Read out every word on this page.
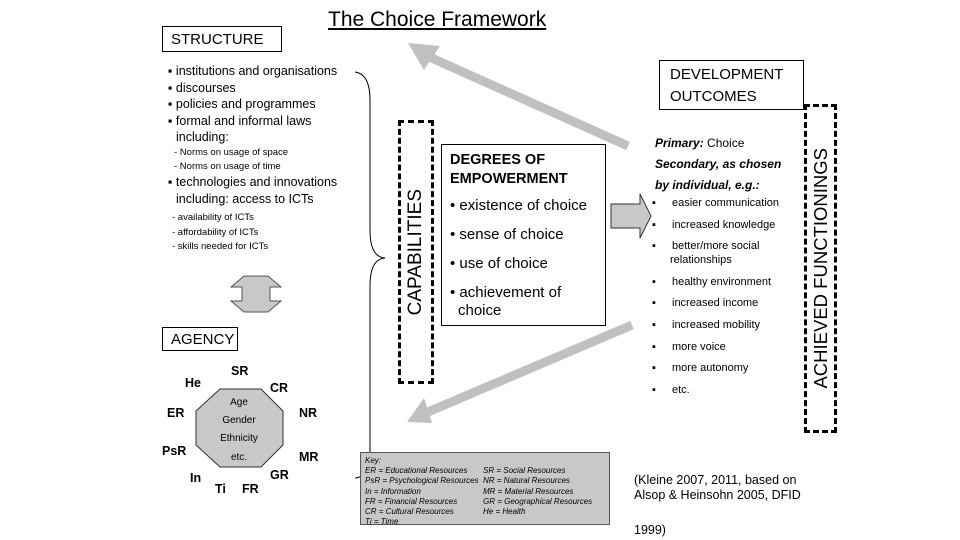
The Choice Framework
STRUCTURE
▪ institutions and organisations
▪ discourses
▪ policies and programmes
▪ formal and informal laws
including:
- Norms on usage of space
- Norms on usage of time
▪ technologies and innovations
including: access to ICTs
- availability of ICTs
- affordability of ICTs
- skills needed for ICTs
AGENCY
SR
CR
NR
MR
GR
FR
Ti
In
PsR
ER
He
Age
Gender
Ethnicity
etc.
CAPABILITIES
DEGREES OF
EMPOWERMENT
• existence of choice
• sense of choice
• use of choice
• achievement of
choice
DEVELOPMENT
OUTCOMES
Primary: Choice
Secondary, as chosen
by individual, e.g.:
▪	easier communication
▪	increased knowledge
▪	better/more social
relationships
▪	healthy environment
▪	increased income
▪	increased mobility
▪	more voice
▪	more autonomy
▪	etc.
ACHIEVED FUNCTIONINGS
Key:
ER = Educational Resources	SR = Social Resources
PsR = Psychological Resources NR = Natural Resources
In = Information	MR = Material Resources
FR = Financial Resources	GR = Geographical Resources
CR = Cultural Resources	He = Health
Ti = Time
(Kleine 2007, 2011, based on
Alsop & Heinsohn 2005, DFID
1999)
